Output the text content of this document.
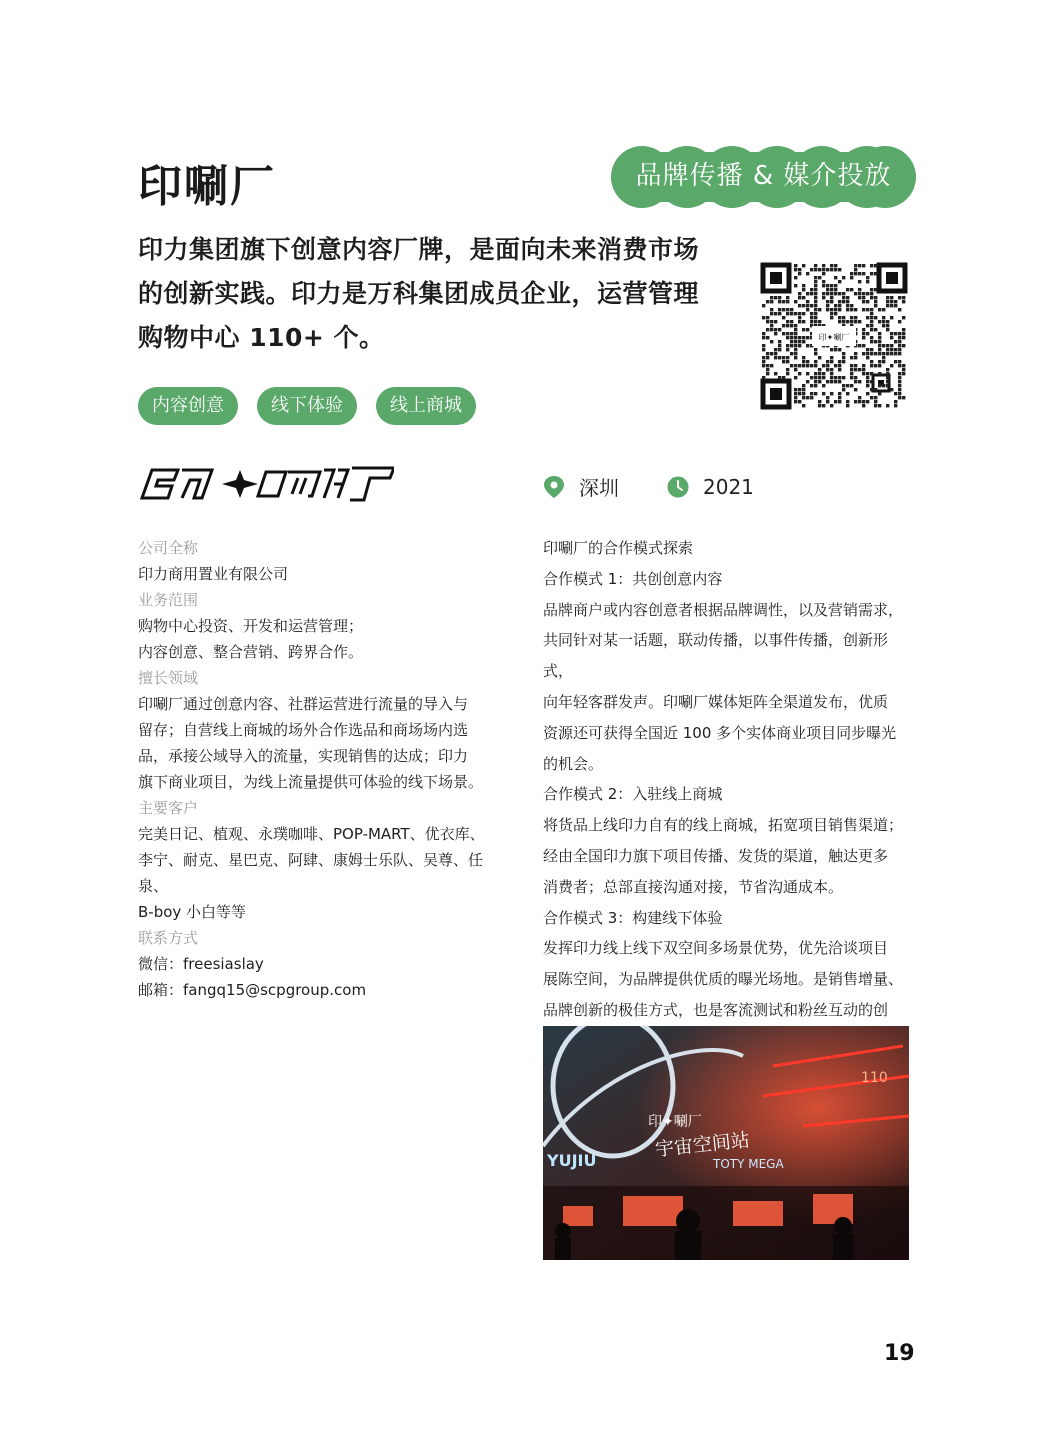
印唰厂	品牌传播 & 媒介投放
印力集团旗下创意内容厂牌，是面向未来消费市场
的创新实践。印力是万科集团成员企业，运营管理
购物中心 110+ 个。	印✦唰厂
内容创意	线下体验	线上商城
深圳	2021
公司全称
印力商用置业有限公司
业务范围
购物中心投资、开发和运营管理；
内容创意、整合营销、跨界合作。
擅长领域
印唰厂通过创意内容、社群运营进行流量的导入与
留存；自营线上商城的场外合作选品和商场场内选
品，承接公域导入的流量，实现销售的达成；印力
旗下商业项目，为线上流量提供可体验的线下场景。
主要客户
完美日记、植观、永璞咖啡、POP-MART、优衣库、
李宁、耐克、星巴克、阿肆、康姆士乐队、吴尊、任泉、
B-boy 小白等等
联系方式
微信：freesiaslay
邮箱：fangq15@scpgroup.com
印唰厂的合作模式探索
合作模式 1：共创创意内容
品牌商户或内容创意者根据品牌调性，以及营销需求，
共同针对某一话题，联动传播，以事件传播，创新形式，
向年轻客群发声。印唰厂媒体矩阵全渠道发布，优质
资源还可获得全国近 100 多个实体商业项目同步曝光
的机会。
合作模式 2：入驻线上商城
将货品上线印力自有的线上商城，拓宽项目销售渠道；
经由全国印力旗下项目传播、发货的渠道，触达更多
消费者；总部直接沟通对接，节省沟通成本。
合作模式 3：构建线下体验
发挥印力线上线下双空间多场景优势，优先洽谈项目
展陈空间，为品牌提供优质的曝光场地。是销售增量、
品牌创新的极佳方式，也是客流测试和粉丝互动的创
印✦唰厂
宇宙空间站
YUJIU	TOTY MEGA
110
19
